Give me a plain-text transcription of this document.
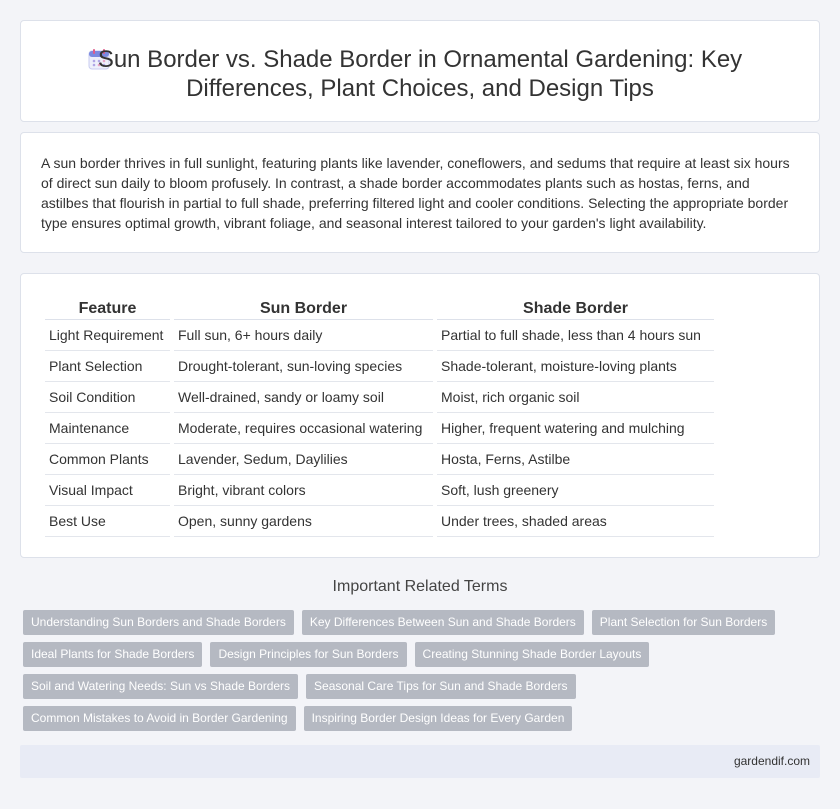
Sun Border vs. Shade Border in Ornamental Gardening: Key Differences, Plant Choices, and Design Tips

A sun border thrives in full sunlight, featuring plants like lavender, coneflowers, and sedums that require at least six hours of direct sun daily to bloom profusely. In contrast, a shade border accommodates plants such as hostas, ferns, and astilbes that flourish in partial to full shade, preferring filtered light and cooler conditions. Selecting the appropriate border type ensures optimal growth, vibrant foliage, and seasonal interest tailored to your garden's light availability.

Feature	Sun Border	Shade Border
Light Requirement	Full sun, 6+ hours daily	Partial to full shade, less than 4 hours sun
Plant Selection	Drought-tolerant, sun-loving species	Shade-tolerant, moisture-loving plants
Soil Condition	Well-drained, sandy or loamy soil	Moist, rich organic soil
Maintenance	Moderate, requires occasional watering	Higher, frequent watering and mulching
Common Plants	Lavender, Sedum, Daylilies	Hosta, Ferns, Astilbe
Visual Impact	Bright, vibrant colors	Soft, lush greenery
Best Use	Open, sunny gardens	Under trees, shaded areas
Important Related Terms
Understanding Sun Borders and Shade Borders	Key Differences Between Sun and Shade Borders	Plant Selection for Sun Borders
Ideal Plants for Shade Borders	Design Principles for Sun Borders	Creating Stunning Shade Border Layouts
Soil and Watering Needs: Sun vs Shade Borders	Seasonal Care Tips for Sun and Shade Borders
Common Mistakes to Avoid in Border Gardening	Inspiring Border Design Ideas for Every Garden
gardendif.com
